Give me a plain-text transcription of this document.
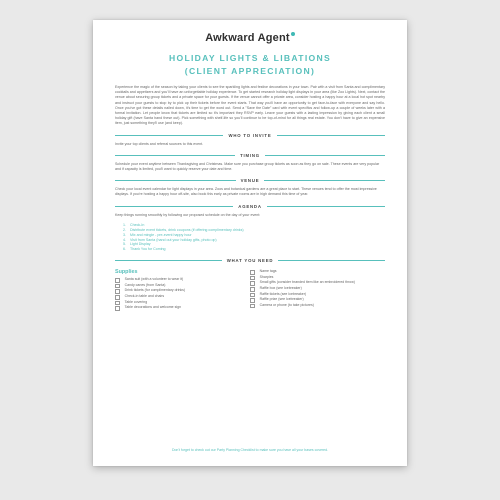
Awkward Agent
HOLIDAY LIGHTS & LIBATIONS
(CLIENT APPRECIATION)
Experience the magic of the season by taking your clients to see the sparkling lights and festive decorations in your town. Pair with a visit from Santa and complimentary cocktails and appetizers and you'll have an unforgettable holiday experience. To get started research holiday light displays in your area (like Zoo Lights). Next, contact the venue about securing group tickets and a private space for your guests. If the venue cannot offer a private area, consider hosting a happy hour at a local hot spot nearby and instruct your guests to stop by to pick up their tickets before the event starts. That way you'll have an opportunity to get face-to-face with everyone and say hello. Once you've got these details nailed down, it's time to get the word out. Send a "Save the Date" card with event specifics and follow-up a couple of weeks later with a formal invitation. Let people know that tickets are limited so it's important they RSVP early. Leave your guests with a lasting impression by giving each client a small holiday gift (have Santa hand these out). Pick something with shelf-life so you'll continue to be top-of-mind for all things real estate. You don't have to give an expensive item, just something they'll use (and keep).
WHO TO INVITE
Invite your top clients and referral sources to this event.
TIMING
Schedule your event anytime between Thanksgiving and Christmas. Make sure you purchase group tickets as soon as they go on sale. These events are very popular and if capacity is limited, you'll want to quickly reserve your date and time.
VENUE
Check your local event calendar for light displays in your area. Zoos and botanical gardens are a great place to start. These venues tend to offer the most impressive displays. If you're hosting a happy hour off-site, also book this early as private rooms are in high demand this time of year.
AGENDA
Keep things running smoothly by following our proposed schedule on the day of your event:
1.	Check-In
2.	Distribute event tickets, drink coupons (if offering complimentary drinks)
3.	Mix and mingle - pre-event happy hour
4.	Visit from Santa (hand out your holiday gifts, photo op)
5.	Light Display
6.	Thank You for Coming
WHAT YOU NEED
Supplies
Santa suit (with a volunteer to wear it)
Candy canes (from Santa)
Drink tickets (for complimentary drinks)
Check-in table and chairs
Table covering
Table decorations and welcome sign
Name tags
Sharpies
Small gifts (consider branded item like an embroidered throw)
Raffle box (see Icebreaker)
Raffle tickets (see Icebreaker)
Raffle prize (see Icebreaker)
Camera or phone (to take pictures)
Don't forget to check out our Party Planning Checklist to make sure you have all your bases covered.
